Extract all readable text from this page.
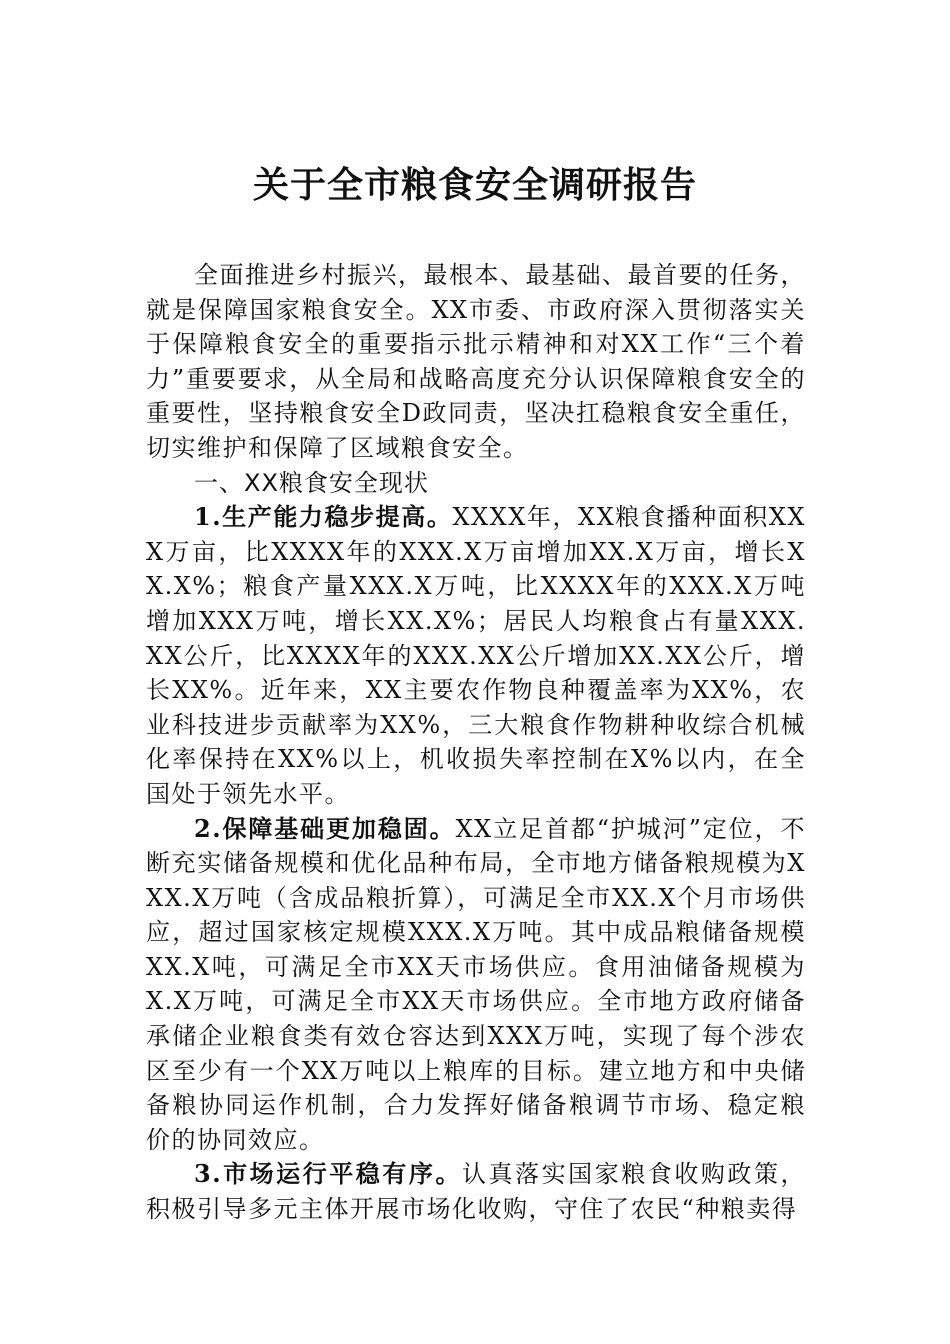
关于全市粮食安全调研报告

全面推进乡村振兴，最根本、最基础、最首要的任务，就是保障国家粮食安全。XX市委、市政府深入贯彻落实关于保障粮食安全的重要指示批示精神和对XX工作“三个着力”重要要求，从全局和战略高度充分认识保障粮食安全的重要性，坚持粮食安全D政同责，坚决扛稳粮食安全重任，切实维护和保障了区域粮食安全。

一、XX粮食安全现状

1.生产能力稳步提高。XXXX年，XX粮食播种面积XXX万亩，比XXXX年的XXX.X万亩增加XX.X万亩，增长XX.X%；粮食产量XXX.X万吨，比XXXX年的XXX.X万吨增加XXX万吨，增长XX.X%；居民人均粮食占有量XXX.XX公斤，比XXXX年的XXX.XX公斤增加XX.XX公斤，增长XX%。近年来，XX主要农作物良种覆盖率为XX%，农业科技进步贡献率为XX%，三大粮食作物耕种收综合机械化率保持在XX%以上，机收损失率控制在X%以内，在全国处于领先水平。

2.保障基础更加稳固。XX立足首都“护城河”定位，不断充实储备规模和优化品种布局，全市地方储备粮规模为XXX.X万吨（含成品粮折算），可满足全市XX.X个月市场供应，超过国家核定规模XXX.X万吨。其中成品粮储备规模XX.X吨，可满足全市XX天市场供应。食用油储备规模为X.X万吨，可满足全市XX天市场供应。全市地方政府储备承储企业粮食类有效仓容达到XXX万吨，实现了每个涉农区至少有一个XX万吨以上粮库的目标。建立地方和中央储备粮协同运作机制，合力发挥好储备粮调节市场、稳定粮价的协同效应。

3.市场运行平稳有序。认真落实国家粮食收购政策，积极引导多元主体开展市场化收购，守住了农民“种粮卖得
